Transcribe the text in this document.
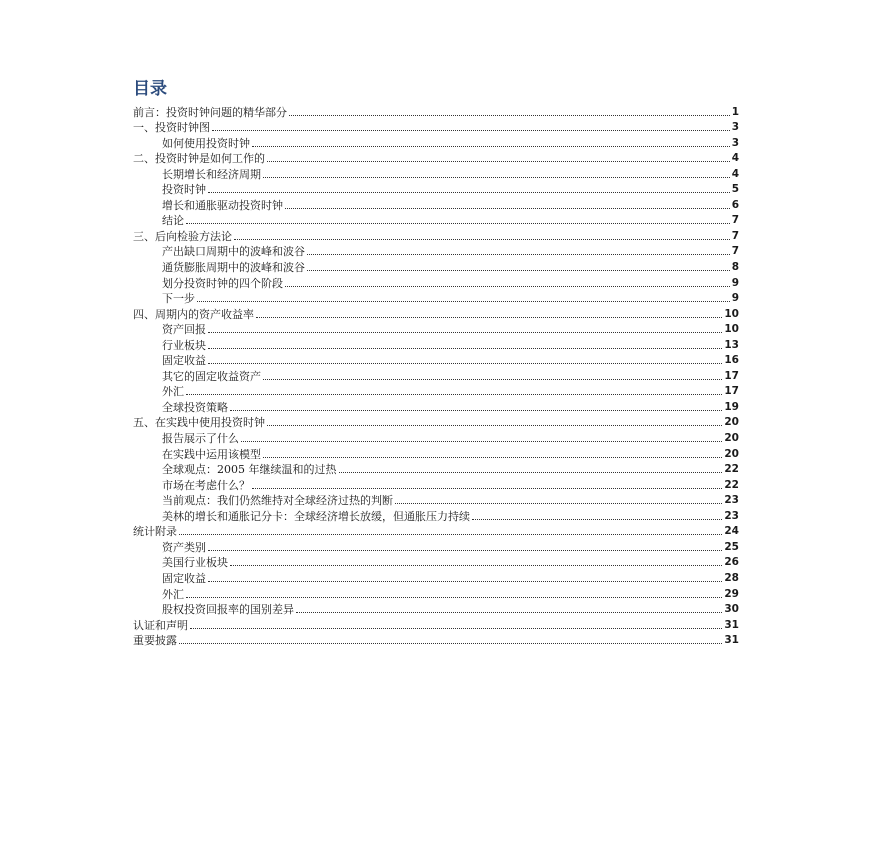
目录
前言：投资时钟问题的精华部分	1
一、投资时钟图	3
如何使用投资时钟	3
二、投资时钟是如何工作的	4
长期增长和经济周期	4
投资时钟	5
增长和通胀驱动投资时钟	6
结论	7
三、后向检验方法论	7
产出缺口周期中的波峰和波谷	7
通货膨胀周期中的波峰和波谷	8
划分投资时钟的四个阶段	9
下一步	9
四、周期内的资产收益率	10
资产回报	10
行业板块	13
固定收益	16
其它的固定收益资产	17
外汇	17
全球投资策略	19
五、在实践中使用投资时钟	20
报告展示了什么	20
在实践中运用该模型	20
全球观点：2005 年继续温和的过热	22
市场在考虑什么？	22
当前观点：我们仍然维持对全球经济过热的判断	23
美林的增长和通胀记分卡：全球经济增长放缓，但通胀压力持续	23
统计附录	24
资产类别	25
美国行业板块	26
固定收益	28
外汇	29
股权投资回报率的国别差异	30
认证和声明	31
重要披露	31
